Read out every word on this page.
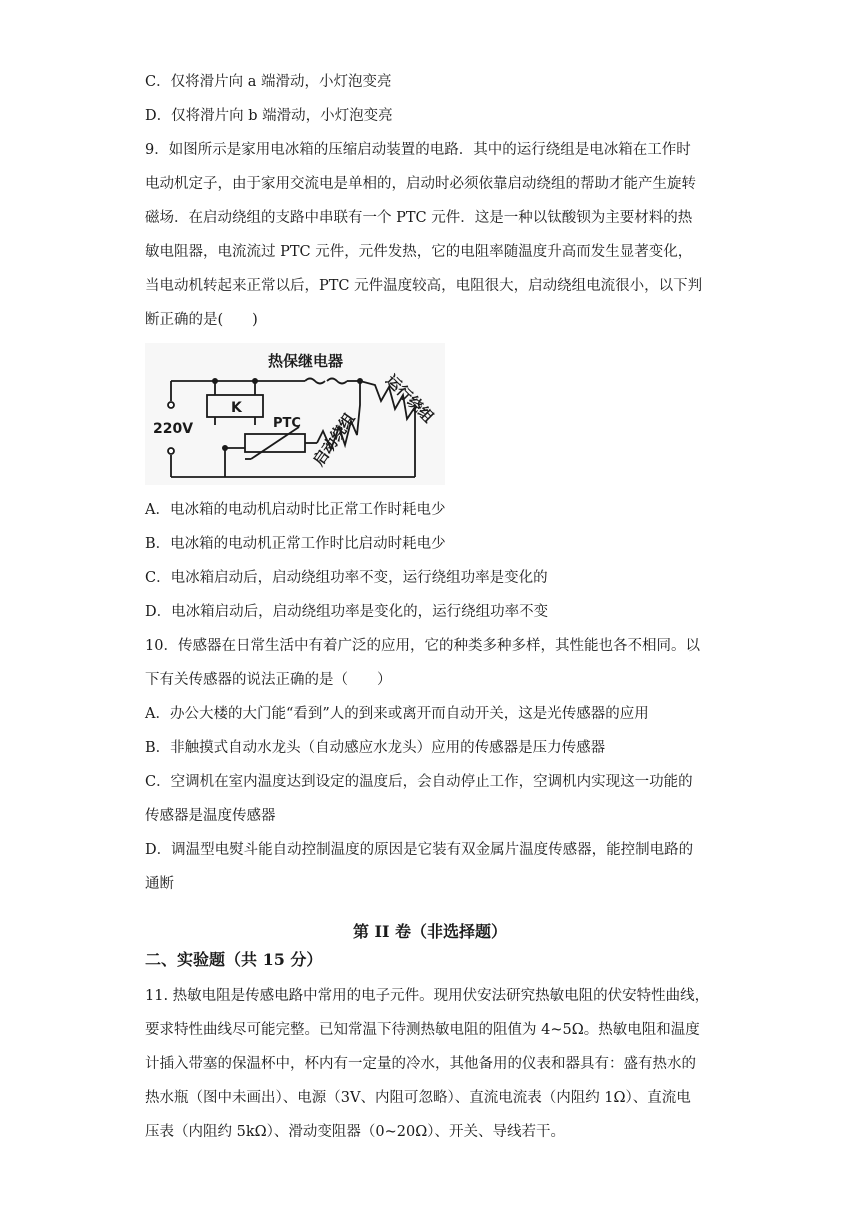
C．仅将滑片向 a 端滑动，小灯泡变亮
D．仅将滑片向 b 端滑动，小灯泡变亮
9．如图所示是家用电冰箱的压缩启动装置的电路．其中的运行绕组是电冰箱在工作时
电动机定子，由于家用交流电是单相的，启动时必须依靠启动绕组的帮助才能产生旋转
磁场．在启动绕组的支路中串联有一个 PTC 元件．这是一种以钛酸钡为主要材料的热
敏电阻器，电流流过 PTC 元件，元件发热，它的电阻率随温度升高而发生显著变化，
当电动机转起来正常以后，PTC 元件温度较高，电阻很大，启动绕组电流很小，以下判
断正确的是(　　)
热保继电器
K
PTC
220V
运行绕组
启动绕组
A．电冰箱的电动机启动时比正常工作时耗电少
B．电冰箱的电动机正常工作时比启动时耗电少
C．电冰箱启动后，启动绕组功率不变，运行绕组功率是变化的
D．电冰箱启动后，启动绕组功率是变化的，运行绕组功率不变
10．传感器在日常生活中有着广泛的应用，它的种类多种多样，其性能也各不相同。以
下有关传感器的说法正确的是（　　）
A．办公大楼的大门能“看到”人的到来或离开而自动开关，这是光传感器的应用
B．非触摸式自动水龙头（自动感应水龙头）应用的传感器是压力传感器
C．空调机在室内温度达到设定的温度后，会自动停止工作，空调机内实现这一功能的
传感器是温度传感器
D．调温型电熨斗能自动控制温度的原因是它装有双金属片温度传感器，能控制电路的
通断
第 II 卷（非选择题）
二、实验题（共 15 分）
11. 热敏电阻是传感电路中常用的电子元件。现用伏安法研究热敏电阻的伏安特性曲线，
要求特性曲线尽可能完整。已知常温下待测热敏电阻的阻值为 4~5Ω。热敏电阻和温度
计插入带塞的保温杯中，杯内有一定量的冷水，其他备用的仪表和器具有：盛有热水的
热水瓶（图中未画出）、电源（3V、内阻可忽略）、直流电流表（内阻约 1Ω）、直流电
压表（内阻约 5kΩ）、滑动变阻器（0~20Ω）、开关、导线若干。
